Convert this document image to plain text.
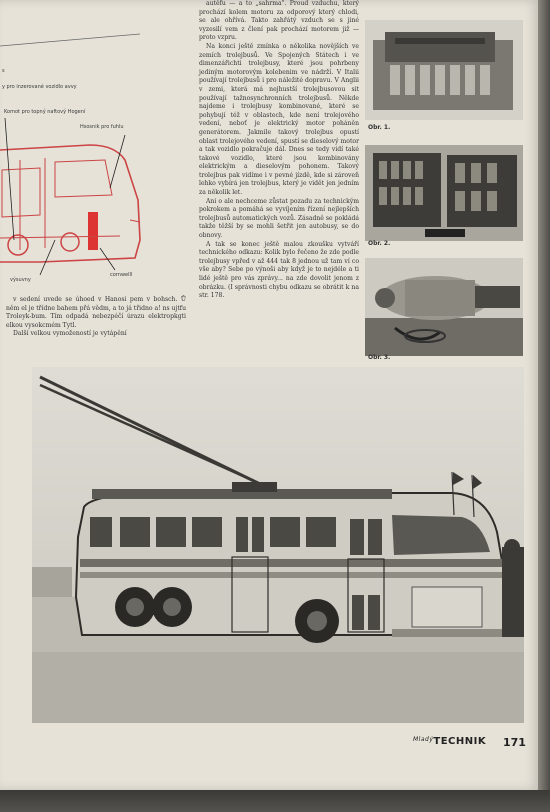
s
y pro inzerované vozidlo avvy
Komot pro topný naftový Hogení
Hsosnik pro fuhlu
výsuvny
cornwelll

v sedení uvede se úhoed v Hanosi pem v bohsch. Ů něm el je třídne bahem přá vědm, a to já třidno a! ns ujtfu Troleyk-bum. Tím odpadá nebezpéčí úrazu elektropkgti elkou vysokcmém Tytl.

Další velkou vymožeností je vytápění

autěfu — a to „sahrma". Proud vzduchu, který prochází kolem motoru za odporový který chlodi, se ale ohřívá. Takto zahřátý vzduch se s jiné vyzesilí vem z člení pak prochází motorem již — proto vzpru.

Na konci ještě zmínka o několika novějších ve zemích trolejbusů. Ve Spojených Státech i ve dimenzářichti trolejbusy, které jsou pohrbeny jediným motorovým kolebenim ve nádrží. V Italii používají trolejbusů i pro náležité dopravu. V Anglii v zemi, která má nejhustší trolejbusovou sit používají tažnosynchronních trolejbusů. Někde najdeme i trolejbusy kombinované, které se pohybují též v oblastech, kde není trolejového vedení, neboť je elektrický motor poháněn generátorem. Jakmile takový trolejbus opustí oblast trolejového vedení, spustí se dieselový motor a tak vozidlo pokračuje dál. Dnes se tedy vidí také takové vozidlo, které jsou kombinovány elektrickým a dieselovým pohonem. Takový trolejbus pak vidíme i v pevné jízdě, kde si zároveň lehko vybírá jen trolejbus, který je vidět jen jedním za několik let.

Ani o ale nechceme zůstat pozadu za technickým pokrokem a pomáhá se vyvíjením řízení nejlepších trolejbusů automatických vozů. Zásadně se pokládá takže těžší by se mohli šetřit jen autobusy, se do obnovy.

A tak se konec ještě malou zkoušku vytváří technického odkazu: Kolik bylo řečeno že zde podle trolejbusy vpřed v až 444 tak 8 jednou už tam ví co vše aby? Sebe po výnoši aby když je to nejdéle a ti lidé ještě pro vás zprávy... na zde dovolit jenom z obrázku. (I správnosti chybu odkazu se obrátit k na str. 178.

Obr. 1.
Obr. 2.
Obr. 3.
$^{Mladý}$TECHNIK 171
